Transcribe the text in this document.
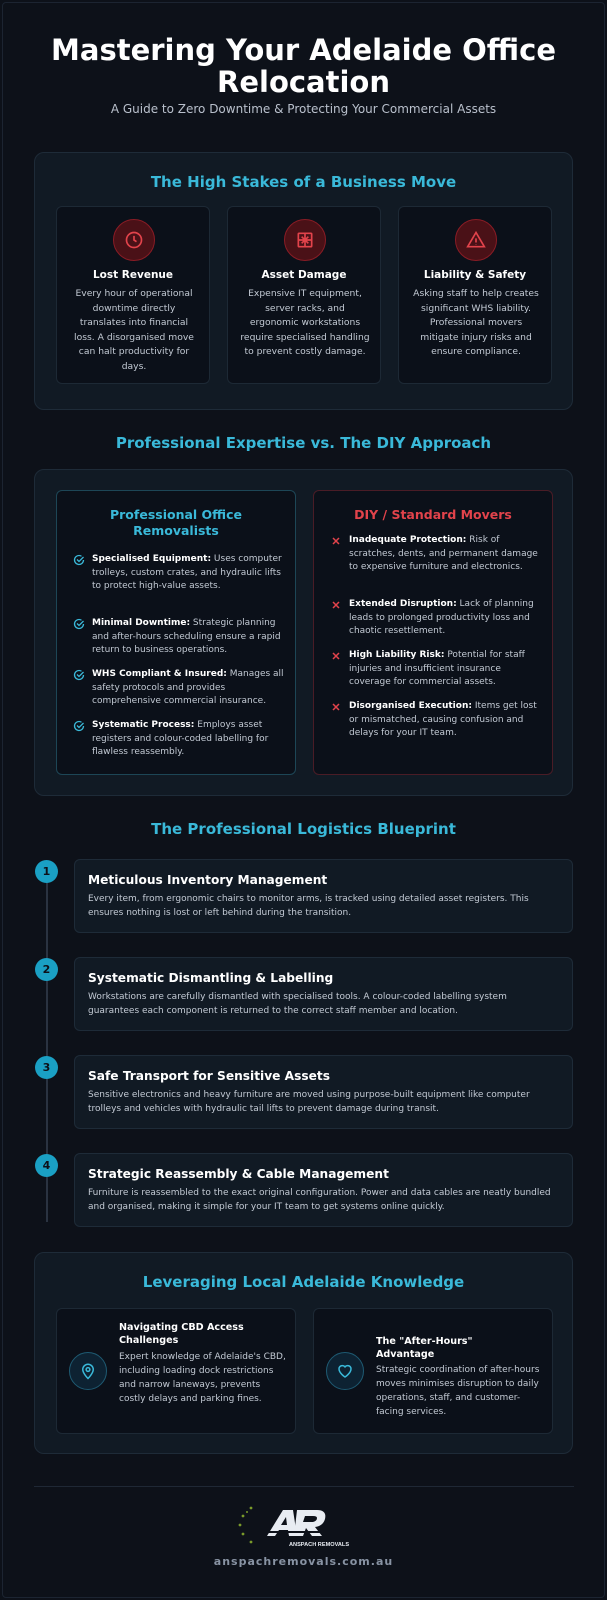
Mastering Your Adelaide Office Relocation
A Guide to Zero Downtime & Protecting Your Commercial Assets
The High Stakes of a Business Move
Lost Revenue
Every hour of operational downtime directly translates into financial loss. A disorganised move can halt productivity for days.
Asset Damage
Expensive IT equipment, server racks, and ergonomic workstations require specialised handling to prevent costly damage.
Liability & Safety
Asking staff to help creates significant WHS liability. Professional movers mitigate injury risks and ensure compliance.
Professional Expertise vs. The DIY Approach
Professional Office Removalists
Specialised Equipment: Uses computer trolleys, custom crates, and hydraulic lifts to protect high-value assets.
Minimal Downtime: Strategic planning and after-hours scheduling ensure a rapid return to business operations.
WHS Compliant & Insured: Manages all safety protocols and provides comprehensive commercial insurance.
Systematic Process: Employs asset registers and colour-coded labelling for flawless reassembly.
DIY / Standard Movers
Inadequate Protection: Risk of scratches, dents, and permanent damage to expensive furniture and electronics.
Extended Disruption: Lack of planning leads to prolonged productivity loss and chaotic resettlement.
High Liability Risk: Potential for staff injuries and insufficient insurance coverage for commercial assets.
Disorganised Execution: Items get lost or mismatched, causing confusion and delays for your IT team.
The Professional Logistics Blueprint
1
Meticulous Inventory Management
Every item, from ergonomic chairs to monitor arms, is tracked using detailed asset registers. This ensures nothing is lost or left behind during the transition.
2
Systematic Dismantling & Labelling
Workstations are carefully dismantled with specialised tools. A colour-coded labelling system guarantees each component is returned to the correct staff member and location.
3
Safe Transport for Sensitive Assets
Sensitive electronics and heavy furniture are moved using purpose-built equipment like computer trolleys and vehicles with hydraulic tail lifts to prevent damage during transit.
4
Strategic Reassembly & Cable Management
Furniture is reassembled to the exact original configuration. Power and data cables are neatly bundled and organised, making it simple for your IT team to get systems online quickly.
Leveraging Local Adelaide Knowledge
Navigating CBD Access Challenges
Expert knowledge of Adelaide's CBD, including loading dock restrictions and narrow laneways, prevents costly delays and parking fines.
The "After-Hours" Advantage
Strategic coordination of after-hours moves minimises disruption to daily operations, staff, and customer-facing services.
ANSPACH REMOVALS
anspachremovals.com.au
